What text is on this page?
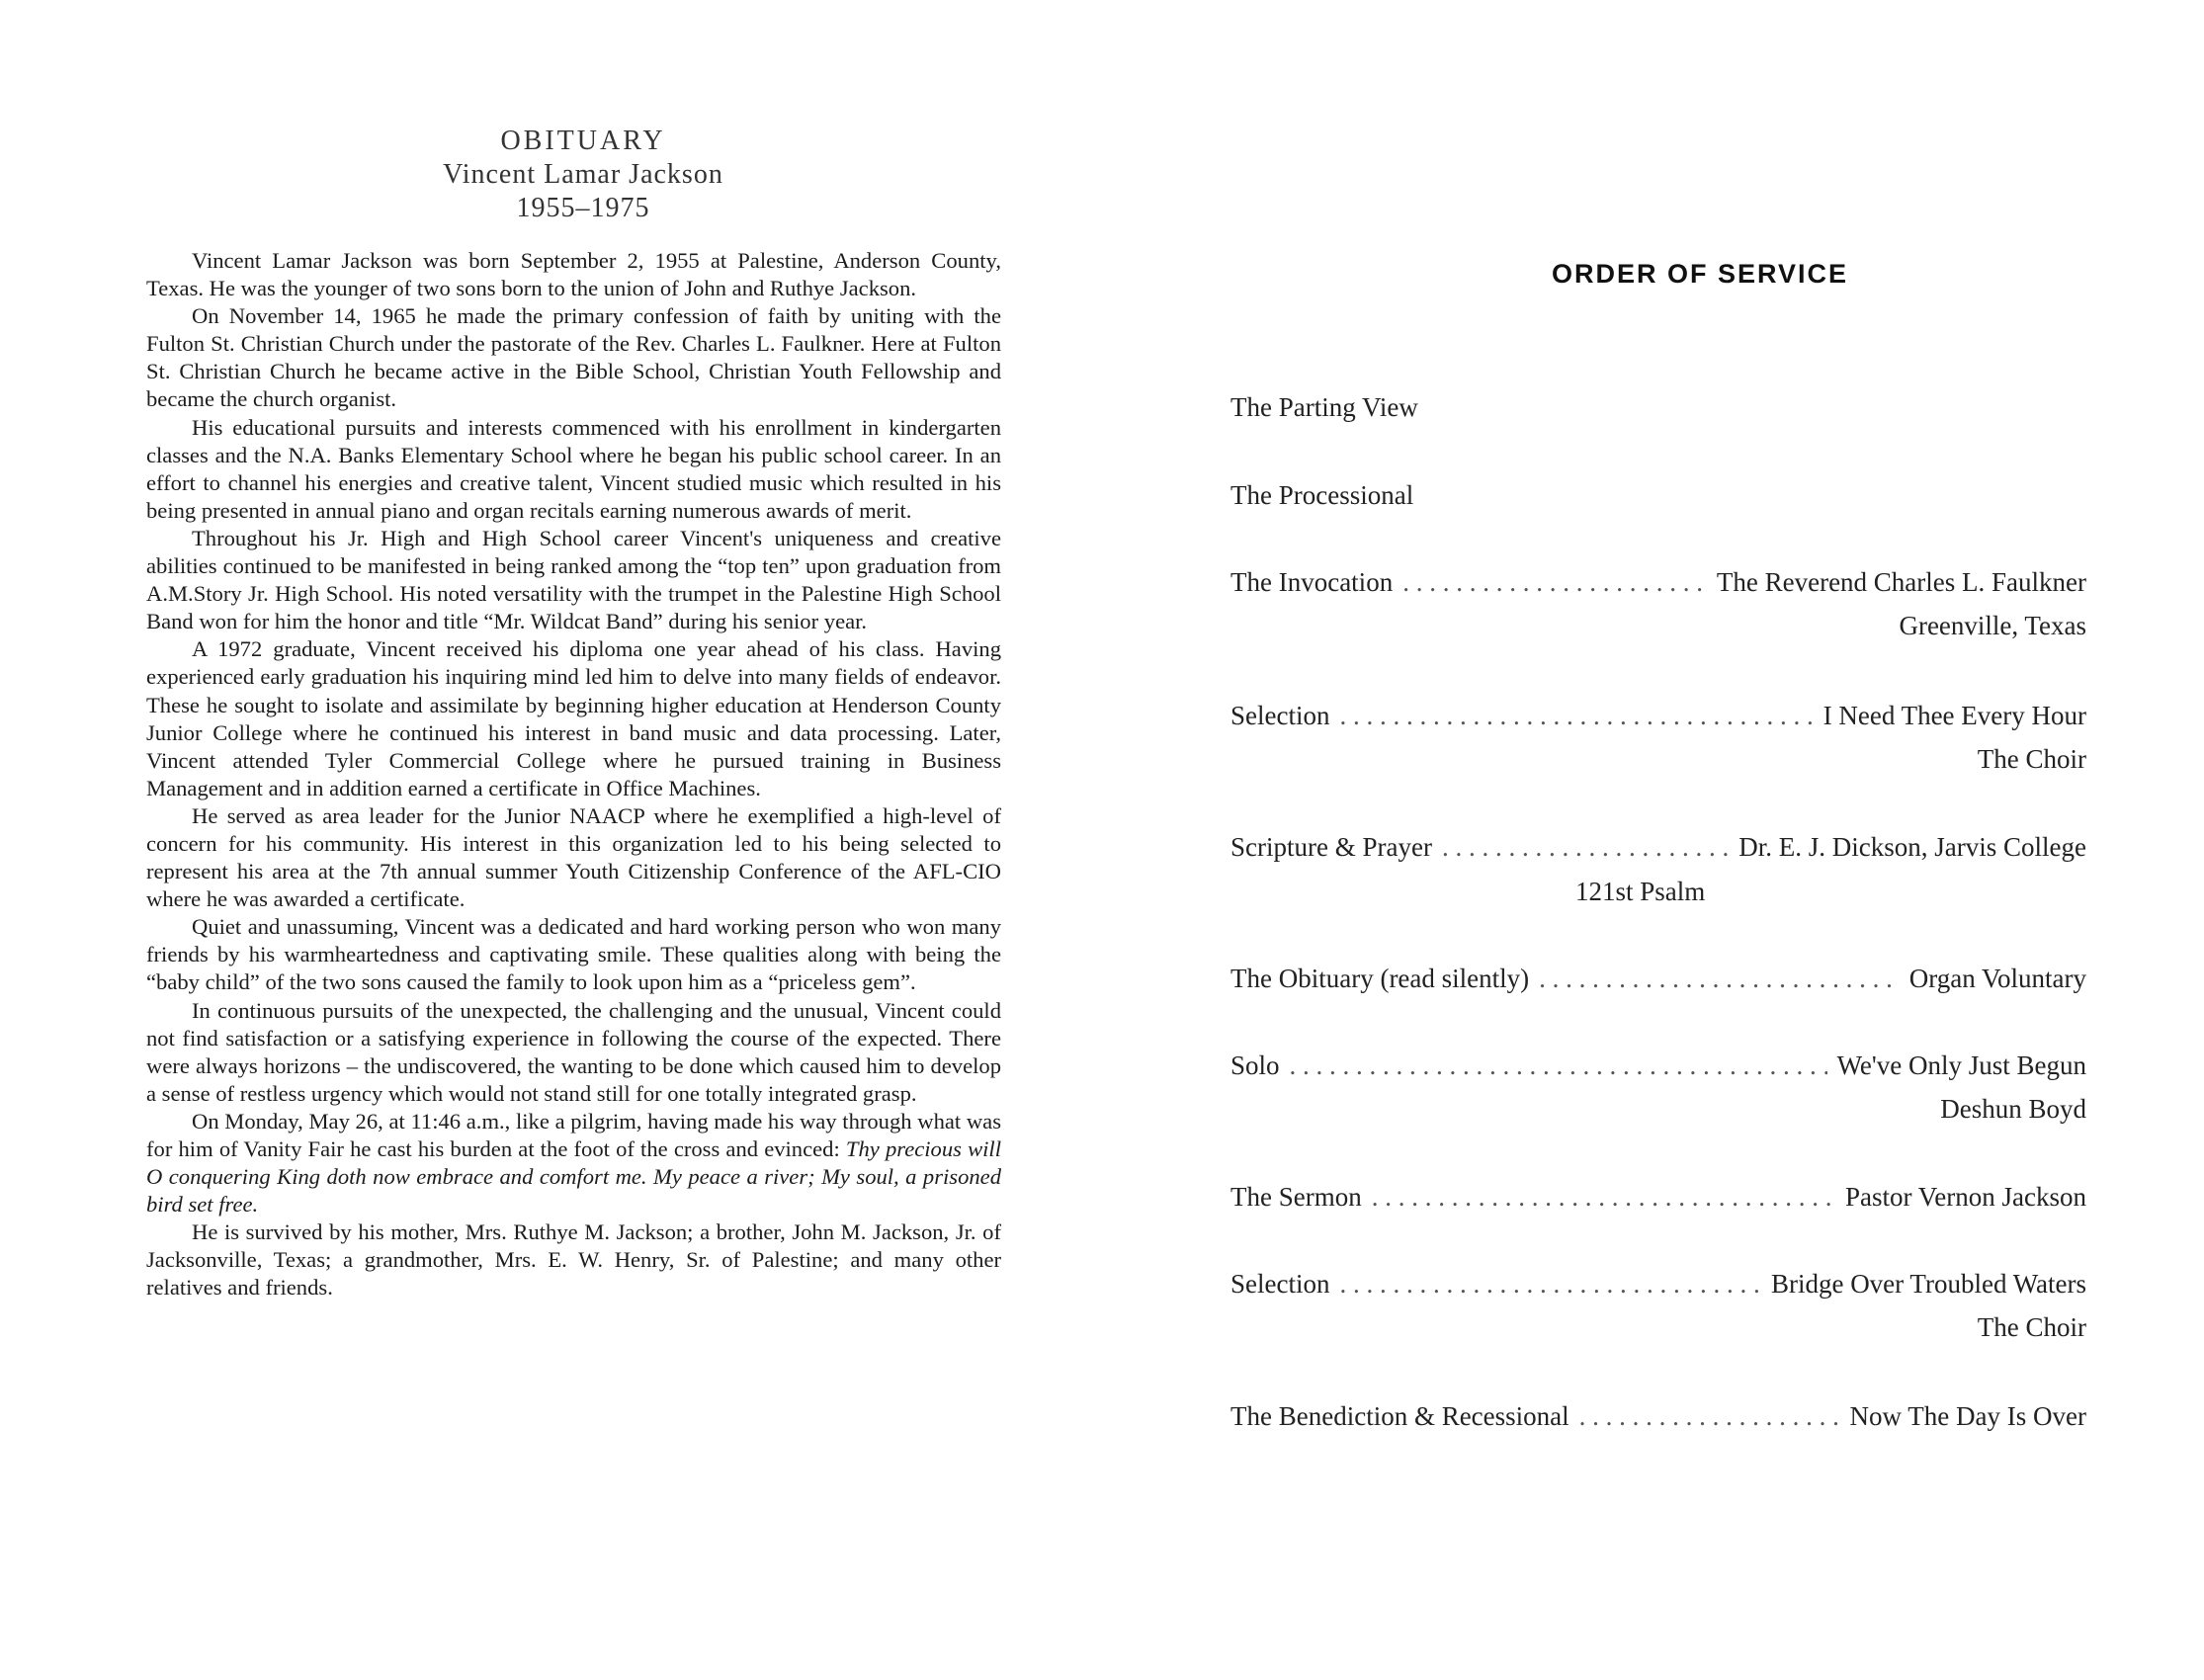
OBITUARY
Vincent Lamar Jackson
1955–1975

Vincent Lamar Jackson was born September 2, 1955 at Palestine, Anderson County, Texas. He was the younger of two sons born to the union of John and Ruthye Jackson.

On November 14, 1965 he made the primary confession of faith by uniting with the Fulton St. Christian Church under the pastorate of the Rev. Charles L. Faulkner. Here at Fulton St. Christian Church he became active in the Bible School, Christian Youth Fellowship and became the church organist.

His educational pursuits and interests commenced with his enrollment in kindergarten classes and the N.A. Banks Elementary School where he began his public school career. In an effort to channel his energies and creative talent, Vincent studied music which resulted in his being presented in annual piano and organ recitals earning numerous awards of merit.

Throughout his Jr. High and High School career Vincent's uniqueness and creative abilities continued to be manifested in being ranked among the “top ten” upon graduation from A.M.Story Jr. High School. His noted versatility with the trumpet in the Palestine High School Band won for him the honor and title “Mr. Wildcat Band” during his senior year.

A 1972 graduate, Vincent received his diploma one year ahead of his class. Having experienced early graduation his inquiring mind led him to delve into many fields of endeavor. These he sought to isolate and assimilate by beginning higher education at Henderson County Junior College where he continued his interest in band music and data processing. Later, Vincent attended Tyler Commercial College where he pursued training in Business Management and in addition earned a certificate in Office Machines.

He served as area leader for the Junior NAACP where he exemplified a high-level of concern for his community. His interest in this organization led to his being selected to represent his area at the 7th annual summer Youth Citizenship Conference of the AFL-CIO where he was awarded a certificate.

Quiet and unassuming, Vincent was a dedicated and hard working person who won many friends by his warmheartedness and captivating smile. These qualities along with being the “baby child” of the two sons caused the family to look upon him as a “priceless gem”.

In continuous pursuits of the unexpected, the challenging and the unusual, Vincent could not find satisfaction or a satisfying experience in following the course of the expected. There were always horizons – the undiscovered, the wanting to be done which caused him to develop a sense of restless urgency which would not stand still for one totally integrated grasp.

On Monday, May 26, at 11:46 a.m., like a pilgrim, having made his way through what was for him of Vanity Fair he cast his burden at the foot of the cross and evinced: Thy precious will O conquering King doth now embrace and comfort me. My peace a river; My soul, a prisoned bird set free.

He is survived by his mother, Mrs. Ruthye M. Jackson; a brother, John M. Jackson, Jr. of Jacksonville, Texas; a grandmother, Mrs. E. W. Henry, Sr. of Palestine; and many other relatives and friends.

ORDER OF SERVICE
The Parting View
The Processional
The Invocation . . .	The Reverend Charles L. Faulkner
Greenville, Texas
Selection . . .	I Need Thee Every Hour
The Choir
Scripture & Prayer . . .	Dr. E. J. Dickson, Jarvis College
121st Psalm
The Obituary (read silently) . . .	Organ Voluntary
Solo . . .	We've Only Just Begun
Deshun Boyd
The Sermon . . .	Pastor Vernon Jackson
Selection . . .	Bridge Over Troubled Waters
The Choir
The Benediction & Recessional . . .	Now The Day Is Over
